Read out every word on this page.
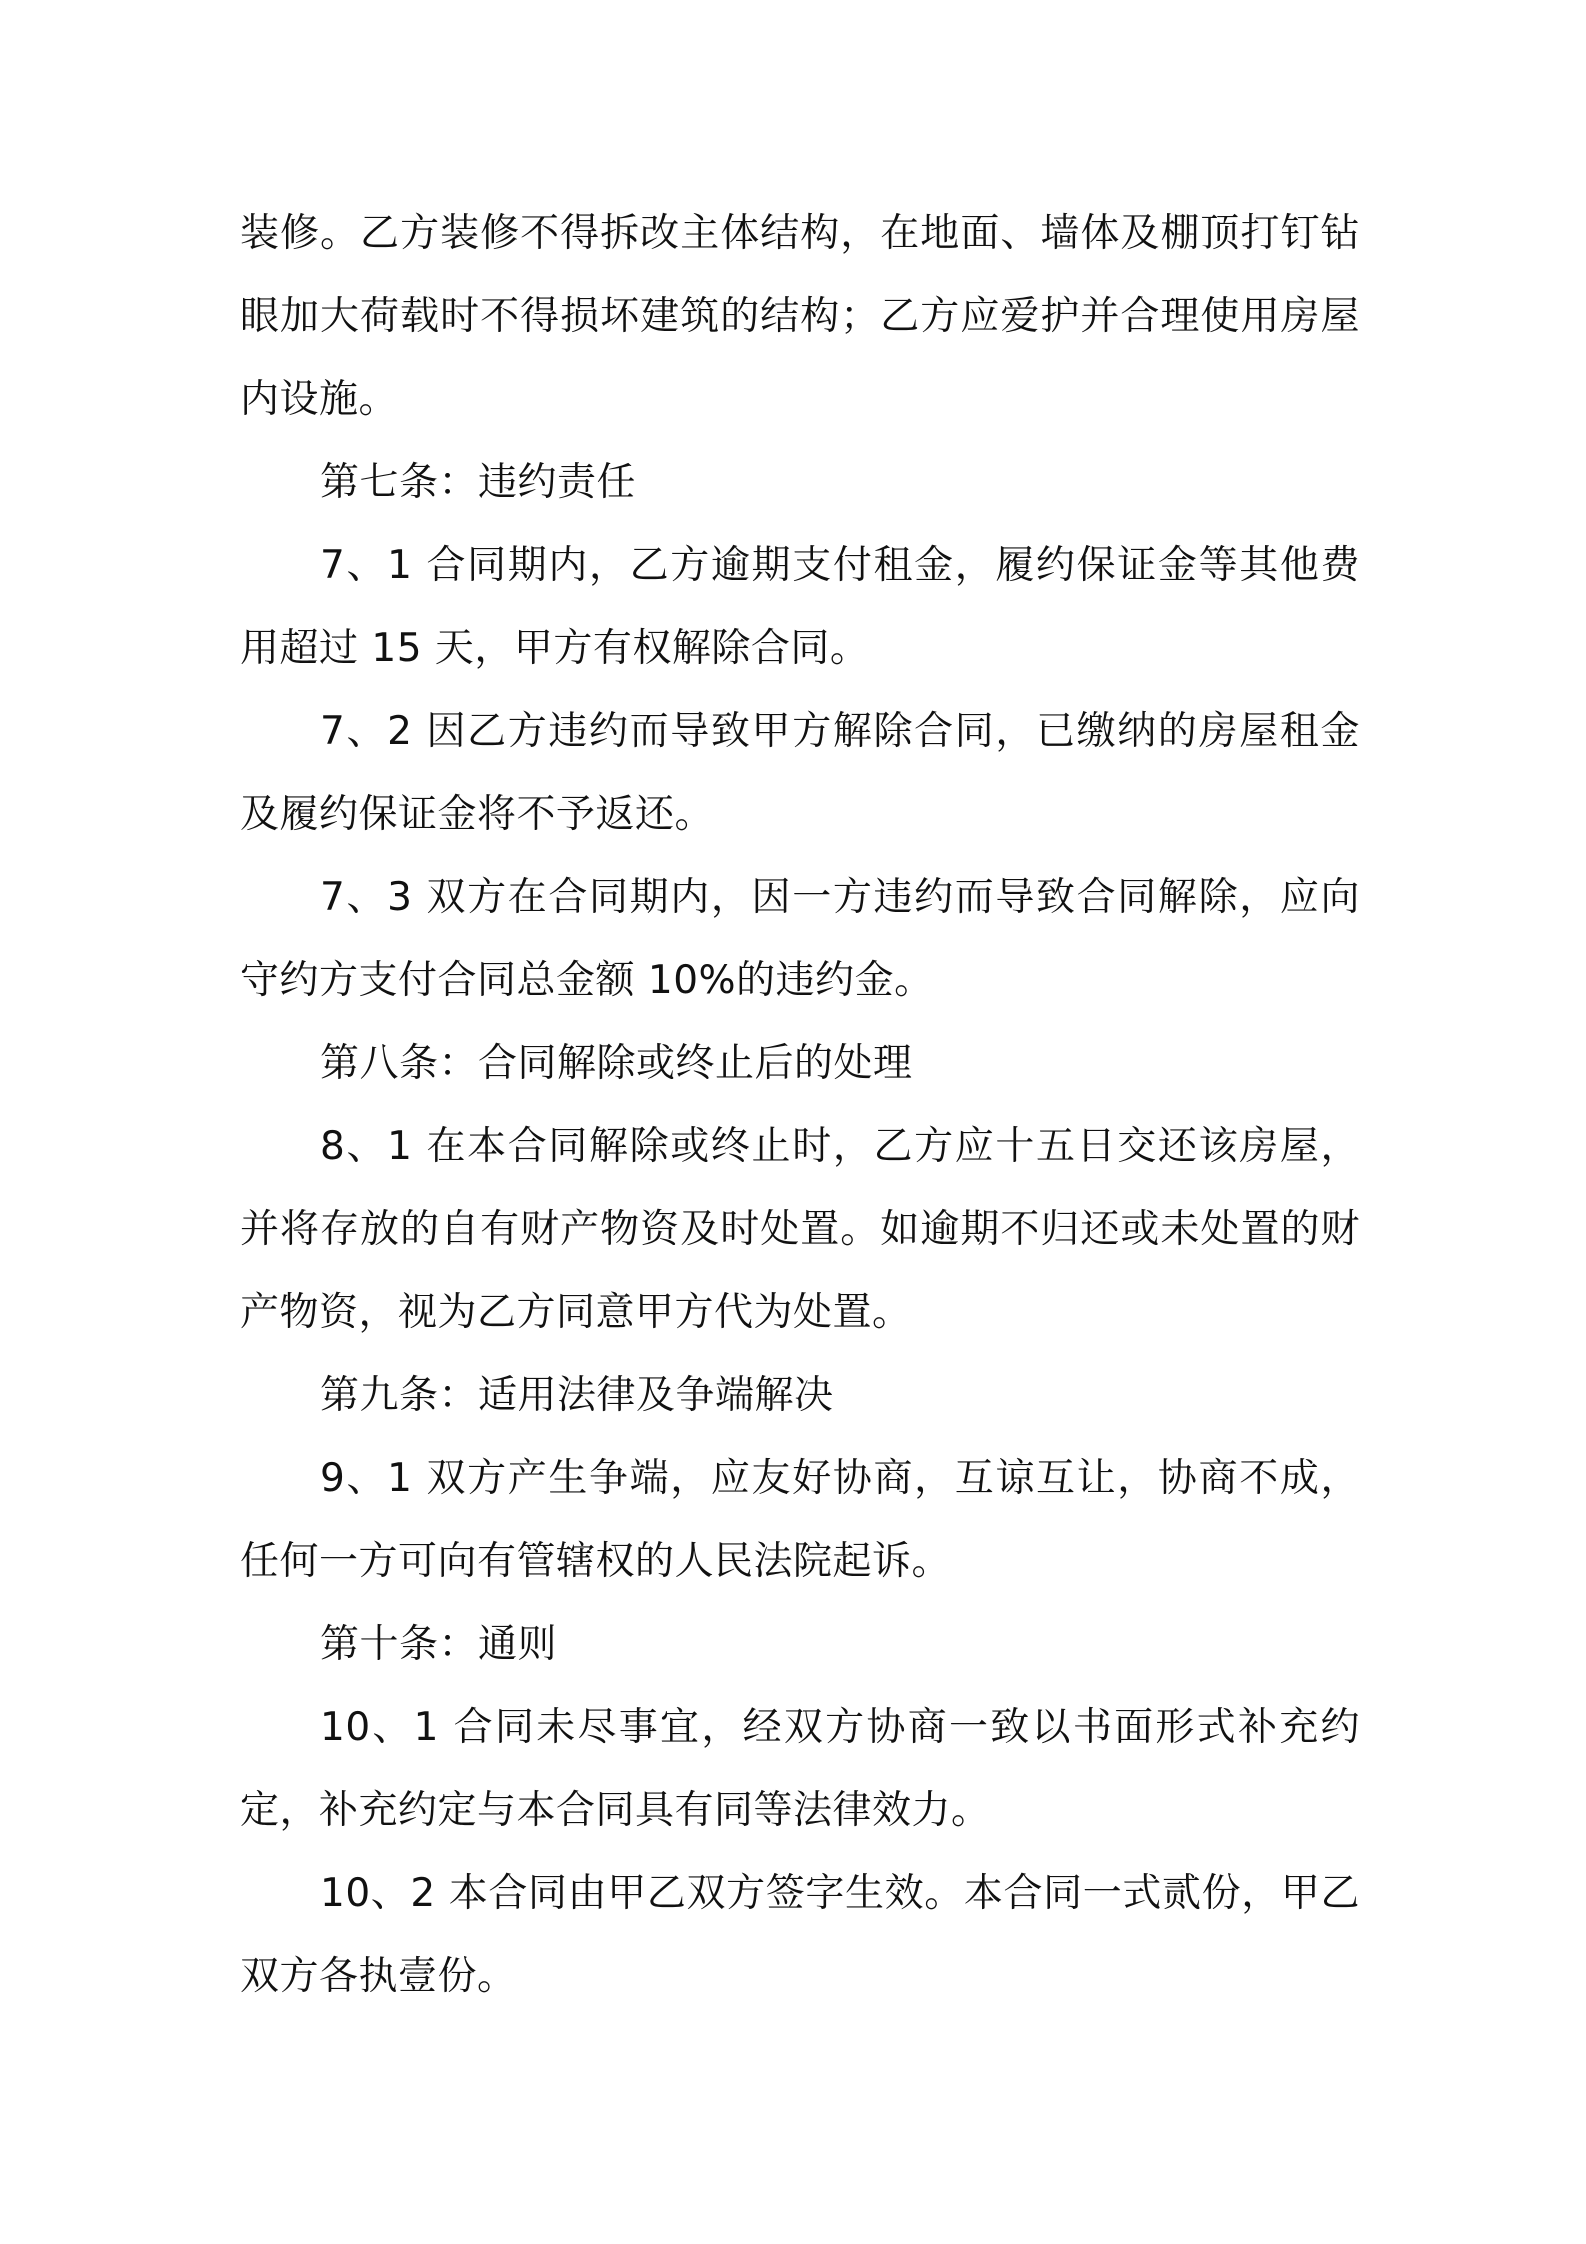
装修。乙方装修不得拆改主体结构，在地面、墙体及棚顶打钉钻眼加大荷载时不得损坏建筑的结构；乙方应爱护并合理使用房屋内设施。

第七条：违约责任

7、1 合同期内，乙方逾期支付租金，履约保证金等其他费用超过 15 天，甲方有权解除合同。

7、2 因乙方违约而导致甲方解除合同，已缴纳的房屋租金及履约保证金将不予返还。

7、3 双方在合同期内，因一方违约而导致合同解除，应向守约方支付合同总金额 10%的违约金。

第八条：合同解除或终止后的处理

8、1 在本合同解除或终止时，乙方应十五日交还该房屋，并将存放的自有财产物资及时处置。如逾期不归还或未处置的财产物资，视为乙方同意甲方代为处置。

第九条：适用法律及争端解决

9、1 双方产生争端，应友好协商，互谅互让，协商不成，任何一方可向有管辖权的人民法院起诉。

第十条：通则

10、1 合同未尽事宜，经双方协商一致以书面形式补充约定，补充约定与本合同具有同等法律效力。

10、2 本合同由甲乙双方签字生效。本合同一式贰份，甲乙双方各执壹份。
